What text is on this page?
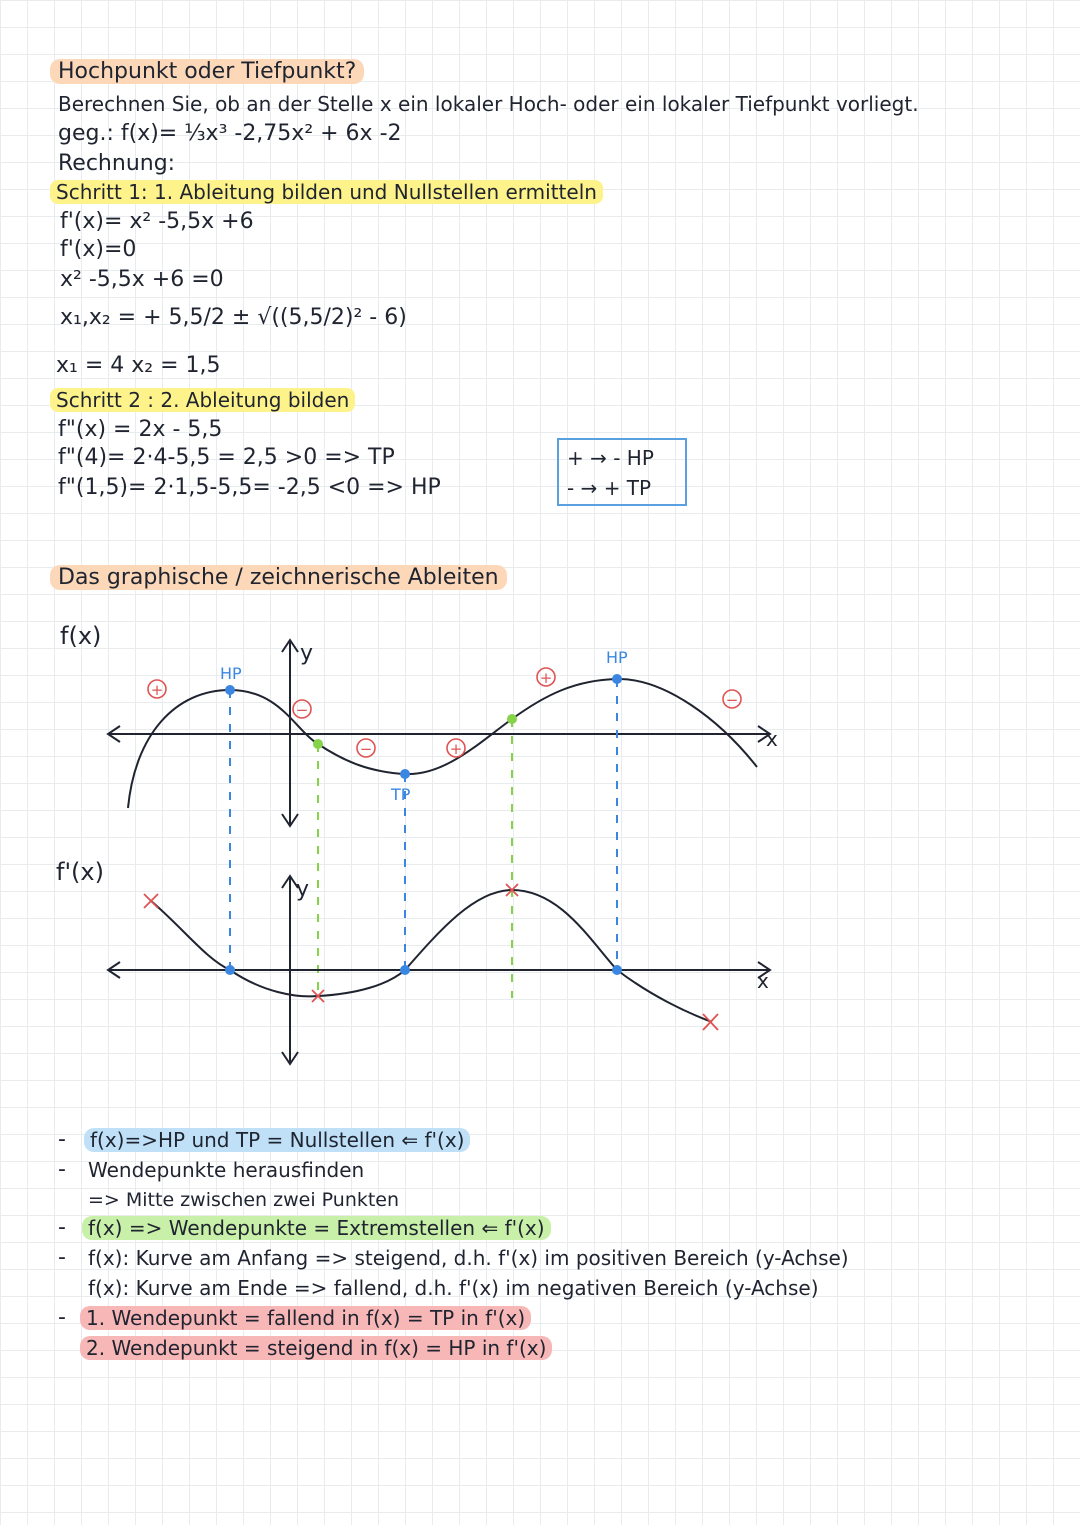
Hochpunkt oder Tiefpunkt?
Berechnen Sie, ob an der Stelle x ein lokaler Hoch- oder ein lokaler Tiefpunkt vorliegt.
geg.: f(x)= ⅓x³ -2,75x² + 6x -2
Rechnung:
Schritt 1: 1. Ableitung bilden und Nullstellen ermitteln
f'(x)= x² -5,5x +6
f'(x)=0
x² -5,5x +6 =0
x₁,x₂ = + 5,5/2 ± √((5,5/2)² - 6)
x₁ = 4 x₂ = 1,5
Schritt 2 : 2. Ableitung bilden
f"(x) = 2x - 5,5
f"(4)= 2·4-5,5 = 2,5 >0 => TP
f"(1,5)= 2·1,5-5,5= -2,5 <0 => HP
+ → - HP
- → + TP
Das graphische / zeichnerische Ableiten
f(x)
f'(x)
y
x
HP
HP
TP
+
−
−	+
+
−
y
x
-	f(x)=>HP und TP = Nullstellen ⇐ f'(x)
- Wendepunkte herausfinden
=> Mitte zwischen zwei Punkten
-	f(x) => Wendepunkte = Extremstellen ⇐ f'(x)
- f(x): Kurve am Anfang => steigend, d.h. f'(x) im positiven Bereich (y-Achse)
f(x): Kurve am Ende => fallend, d.h. f'(x) im negativen Bereich (y-Achse)
-	1. Wendepunkt = fallend in f(x) = TP in f'(x)
2. Wendepunkt = steigend in f(x) = HP in f'(x)
